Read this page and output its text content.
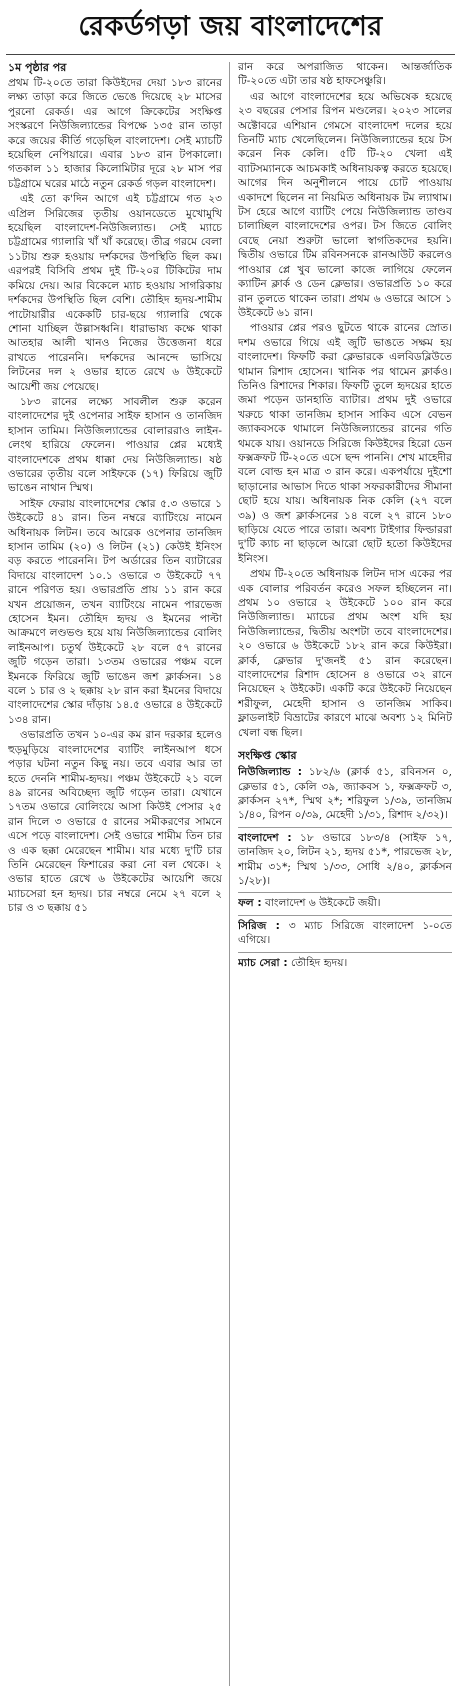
রেকর্ডগড়া জয় বাংলাদেশের
১ম পৃষ্ঠার পর

প্রথম টি-২০তে তারা কিউইদের দেয়া ১৮৩ রানের লক্ষ্য তাড়া করে জিতে ভেঙে দিয়েছে ২৮ মাসের পুরনো রেকর্ড। এর আগে ক্রিকেটের সংক্ষিপ্ত সংস্করণে নিউজিল্যান্ডের বিপক্ষে ১৩৫ রান তাড়া করে জয়ের কীর্তি গড়েছিল বাংলাদেশ। সেই ম্যাচটি হয়েছিল নেপিয়ারে। এবার ১৮৩ রান টপকালো। গতকাল ১১ হাজার কিলোমিটার দূরে ২৮ মাস পর চট্টগ্রামে ঘরের মাঠে নতুন রেকর্ড গড়ল বাংলাদেশ।

এই তো ক'দিন আগে এই চট্টগ্রামে গত ২৩ এপ্রিল সিরিজের তৃতীয় ওয়ানডেতে মুখোমুখি হয়েছিল বাংলাদেশ-নিউজিল্যান্ড। সেই ম্যাচে চট্টগ্রামের গ্যালারি খাঁ খাঁ করেছে। তীব্র গরমে বেলা ১১টায় শুরু হওয়ায় দর্শকদের উপস্থিতি ছিল কম। এরপরই বিসিবি প্রথম দুই টি-২০র টিকিটের দাম কমিয়ে দেয়। আর বিকেলে ম্যাচ হওয়ায় সাগরিকায় দর্শকদের উপস্থিতি ছিল বেশি। তৌহিদ হৃদয়-শামীম পাটোয়ারীর একেকটি চার-ছয়ে গ্যালারি থেকে শোনা যাচ্ছিল উল্লাসধ্বনি। ধারাভাষ্য কক্ষে থাকা আতহার আলী খানও নিজের উত্তেজনা ধরে রাখতে পারেননি। দর্শকদের আনন্দে ভাসিয়ে লিটনের দল ২ ওভার হাতে রেখে ৬ উইকেটে আয়েশী জয় পেয়েছে।

১৮৩ রানের লক্ষ্যে সাবলীল শুরু করেন বাংলাদেশের দুই ওপেনার সাইফ হাসান ও তানজিদ হাসান তামিম। নিউজিল্যান্ডের বোলাররাও লাইন-লেংথ হারিয়ে ফেলেন। পাওয়ার প্লের মধ্যেই বাংলাদেশকে প্রথম ধাক্কা দেয় নিউজিল্যান্ড। ষষ্ঠ ওভারের তৃতীয় বলে সাইফকে (১৭) ফিরিয়ে জুটি ভাঙেন নাথান স্মিথ।

সাইফ ফেরায় বাংলাদেশের স্কোর ৫.৩ ওভারে ১ উইকেটে ৪১ রান। তিন নম্বরে ব্যাটিংয়ে নামেন অধিনায়ক লিটন। তবে আরেক ওপেনার তানজিদ হাসান তামিম (২০) ও লিটন (২১) কেউই ইনিংস বড় করতে পারেননি। টপ অর্ডারের তিন ব্যাটারের বিদায়ে বাংলাদেশ ১০.১ ওভারে ৩ উইকেটে ৭৭ রানে পরিণত হয়। ওভারপ্রতি প্রায় ১১ রান করে যখন প্রয়োজন, তখন ব্যাটিংয়ে নামেন পারভেজ হোসেন ইমন। তৌহিদ হৃদয় ও ইমনের পাল্টা আক্রমণে লণ্ডভণ্ড হয়ে যায় নিউজিল্যান্ডের বোলিং লাইনআপ। চতুর্থ উইকেটে ২৮ বলে ৫৭ রানের জুটি গড়েন তারা। ১৩তম ওভারের পঞ্চম বলে ইমনকে ফিরিয়ে জুটি ভাঙেন জশ ক্লার্কসন। ১৪ বলে ১ চার ও ২ ছক্কায় ২৮ রান করা ইমনের বিদায়ে বাংলাদেশের স্কোর দাঁড়ায় ১৪.৫ ওভারে ৪ উইকেটে ১৩৪ রান।

ওভারপ্রতি তখন ১০-এর কম রান দরকার হলেও হুড়মুড়িয়ে বাংলাদেশের ব্যাটিং লাইনআপ ধসে পড়ার ঘটনা নতুন কিছু নয়। তবে এবার আর তা হতে দেননি শামীম-হৃদয়। পঞ্চম উইকেটে ২১ বলে ৪৯ রানের অবিচ্ছেদ্য জুটি গড়েন তারা। যেখানে ১৭তম ওভারে বোলিংয়ে আসা কিউই পেসার ২৫ রান দিলে ৩ ওভারে ৫ রানের সমীকরণের সামনে এসে পড়ে বাংলাদেশ। সেই ওভারে শামীম তিন চার ও এক ছক্কা মেরেছেন শামীম। যার মধ্যে দু'টি চার তিনি মেরেছেন ফিশারের করা নো বল থেকে। ২ ওভার হাতে রেখে ৬ উইকেটের আয়েশি জয়ে ম্যাচসেরা হন হৃদয়। চার নম্বরে নেমে ২৭ বলে ২ চার ও ৩ ছক্কায় ৫১

রান করে অপরাজিত থাকেন। আন্তর্জাতিক টি-২০তে এটা তার ষষ্ঠ হাফসেঞ্চুরি।

এর আগে বাংলাদেশের হয়ে অভিষেক হয়েছে ২৩ বছরের পেসার রিপন মণ্ডলের। ২০২৩ সালের অক্টোবরে এশিয়ান গেমসে বাংলাদেশ দলের হয়ে তিনটি ম্যাচ খেলেছিলেন। নিউজিল্যান্ডের হয়ে টস করেন নিক কেলি। ৫টি টি-২০ খেলা এই ব্যাটসম্যানকে আচমকাই অধিনায়কত্ব করতে হয়েছে। আগের দিন অনুশীলনে পায়ে চোট পাওয়ায় একাদশে ছিলেন না নিয়মিত অধিনায়ক টম ল্যাথাম। টস হেরে আগে ব্যাটিং পেয়ে নিউজিল্যান্ড তাণ্ডব চালাচ্ছিল বাংলাদেশের ওপর। টস জিতে বোলিং বেছে নেয়া শুরুটা ভালো স্বাগতিকদের হয়নি। দ্বিতীয় ওভারে টিম রবিনসনকে রানআউট করলেও পাওয়ার প্লে খুব ভালো কাজে লাগিয়ে ফেলেন ক্যাটিন ক্লার্ক ও ডেন ক্লেভার। ওভারপ্রতি ১০ করে রান তুলতে থাকেন তারা। প্রথম ৬ ওভারে আসে ১ উইকেটে ৬১ রান।

পাওয়ার প্লের পরও ছুটতে থাকে রানের স্রোত। দশম ওভারে গিয়ে এই জুটি ভাঙতে সক্ষম হয় বাংলাদেশ। ফিফটি করা ক্লেভারকে এলবিডব্লিউতে থামান রিশাদ হোসেন। খানিক পর থামেন ক্লার্কও। তিনিও রিশাদের শিকার। ফিফটি তুলে হৃদয়ের হাতে জমা পড়েন ডানহাতি ব্যাটার। প্রথম দুই ওভারে খরুচে থাকা তানজিম হাসান সাকিব এসে বেভন জ্যাকবসকে থামালে নিউজিল্যান্ডের রানের গতি থমকে যায়। ওয়ানডে সিরিজে কিউইদের হিরো ডেন ফক্সক্রফট টি-২০তে এসে ছন্দ পাননি। শেখ মাহেদীর বলে বোল্ড হন মাত্র ৩ রান করে। একপর্যায়ে দুইশো ছাড়ানোর আভাস দিতে থাকা সফরকারীদের সীমানা ছোট হয়ে যায়। অধিনায়ক নিক কেলি (২৭ বলে ৩৯) ও জশ ক্লার্কসনের ১৪ বলে ২৭ রানে ১৮০ ছাড়িয়ে যেতে পারে তারা। অবশ্য টাইগার ফিল্ডাররা দু'টি ক্যাচ না ছাড়লে আরো ছোট হতো কিউইদের ইনিংস।

প্রথম টি-২০তে অধিনায়ক লিটন দাস একের পর এক বোলার পরিবর্তন করেও সফল হচ্ছিলেন না। প্রথম ১০ ওভারে ২ উইকেটে ১০০ রান করে নিউজিল্যান্ড। ম্যাচের প্রথম অংশ যদি হয় নিউজিল্যান্ডের, দ্বিতীয় অংশটা তবে বাংলাদেশের। ২০ ওভারে ৬ উইকেটে ১৮২ রান করে কিউইরা। ক্লার্ক, ক্লেভার দু'জনই ৫১ রান করেছেন। বাংলাদেশের রিশাদ হোসেন ৪ ওভারে ৩২ রানে নিয়েছেন ২ উইকেট। একটি করে উইকেট নিয়েছেন শরীফুল, মেহেদী হাসান ও তানজিম সাকিব। ফ্লাডলাইট বিভ্রাটের কারণে মাঝে অবশ্য ১২ মিনিট খেলা বন্ধ ছিল।

সংক্ষিপ্ত স্কোর
নিউজিল্যান্ড : ১৮২/৬ (ক্লার্ক ৫১, রবিনসন ০, ক্লেভার ৫১, কেলি ৩৯, জ্যাকবস ১, ফক্সক্রফট ৩, ক্লার্কসন ২৭*, স্মিথ ২*; শরিফুল ১/৩৯, তানজিম ১/৪০, রিপন ০/৩৯, মেহেদী ১/৩১, রিশাদ ২/৩২)।
বাংলাদেশ : ১৮ ওভারে ১৮৩/৪ (সাইফ ১৭, তানজিদ ২০, লিটন ২১, হৃদয় ৫১*, পারভেজ ২৮, শামীম ৩১*; স্মিথ ১/৩৩, সোধি ২/৪০, ক্লার্কসন ১/২৮)।
ফল : বাংলাদেশ ৬ উইকেটে জয়ী।
সিরিজ : ৩ ম্যাচ সিরিজে বাংলাদেশ ১-০তে এগিয়ে।
ম্যাচ সেরা : তৌহিদ হৃদয়।
